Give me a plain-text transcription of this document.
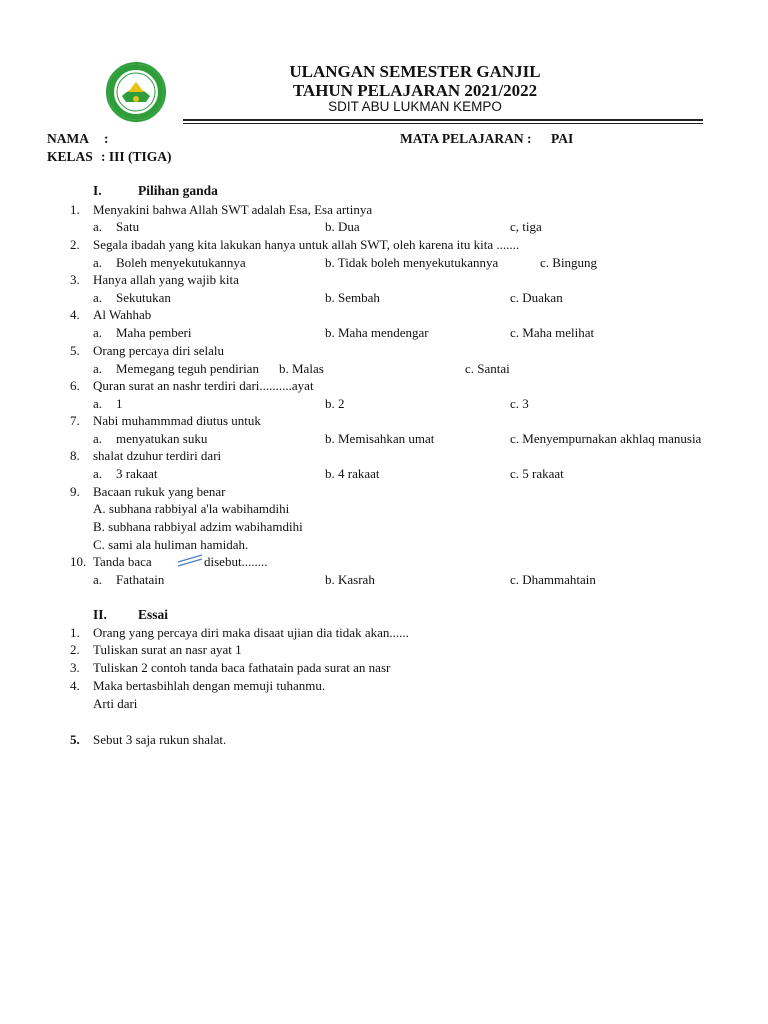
ULANGAN SEMESTER GANJIL
TAHUN PELAJARAN 2021/2022
SDIT ABU LUKMAN KEMPO
NAMA :	MATA PELAJARAN : PAI
KELAS : III (TIGA)
I.	Pilihan ganda
1. Menyakini bahwa Allah SWT adalah Esa, Esa artinya
a. Satu	b. Dua	c, tiga
2. Segala ibadah yang kita lakukan hanya untuk allah SWT, oleh karena itu kita .......
a. Boleh menyekutukannya	b. Tidak boleh menyekutukannya	c. Bingung
3. Hanya allah yang wajib kita
a. Sekutukan	b. Sembah	c. Duakan
4. Al Wahhab
a. Maha pemberi	b. Maha mendengar	c. Maha melihat
5. Orang percaya diri selalu
a. Memegang teguh pendirian b. Malas	c. Santai
6. Quran surat an nashr terdiri dari..........ayat
a. 1	b. 2	c. 3
7. Nabi muhammmad diutus untuk
a. menyatukan suku	b. Memisahkan umat	c. Menyempurnakan akhlaq manusia
8. shalat dzuhur terdiri dari
a. 3 rakaat	b. 4 rakaat	c. 5 rakaat
9. Bacaan rukuk yang benar
A. subhana rabbiyal a'la wabihamdihi
B. subhana rabbiyal adzim wabihamdihi
C. sami ala huliman hamidah.
10. Tanda baca	disebut........
a. Fathatain	b. Kasrah	c. Dhammahtain
II. Essai
1. Orang yang percaya diri maka disaat ujian dia tidak akan......
2. Tuliskan surat an nasr ayat 1
3. Tuliskan 2 contoh tanda baca fathatain pada surat an nasr
4. Maka bertasbihlah dengan memuji tuhanmu.
Arti dari
5. Sebut 3 saja rukun shalat.
